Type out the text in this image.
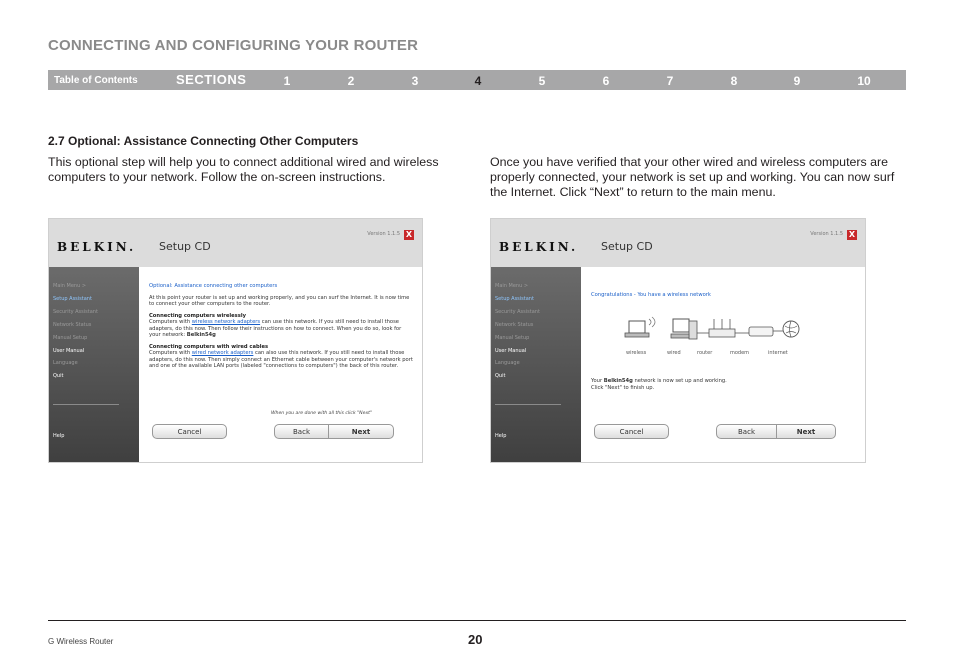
CONNECTING AND CONFIGURING YOUR ROUTER
Table of Contents	SECTIONS	1	2	3	4	5	6	7	8	9	10
2.7 Optional: Assistance Connecting Other Computers
This optional step will help you to connect additional wired and wireless computers to your network. Follow the on-screen instructions.
Once you have verified that your other wired and wireless computers are properly connected, your network is set up and working. You can now surf the Internet. Click “Next” to return to the main menu.
BELKIN. Setup CD
Version 1.1.5 X
Main Menu >
Setup Assistant
Security Assistant
Network Status
Manual Setup
User Manual
Language
Quit
Help
Optional: Assistance connecting other computers
At this point your router is set up and working properly, and you can surf the Internet. It is now time to connect your other computers to the router.
Connecting computers wirelessly
Computers with wireless network adapters can use this network. If you still need to install those adapters, do this now. Then follow their instructions on how to connect. When you do so, look for your network: Belkin54g
Connecting computers with wired cables
Computers with wired network adapters can also use this network. If you still need to install those adapters, do this now. Then simply connect an Ethernet cable between your computer's network port and one of the available LAN ports (labeled "connections to computers") the back of this router.
When you are done with all this click "Next"
Cancel	Back	Next
BELKIN. Setup CD
Version 1.1.5 X
Main Menu >
Setup Assistant
Security Assistant
Network Status
Manual Setup
User Manual
Language
Quit
Help
Congratulations - You have a wireless network
wireless	wired	router	modem	internet
Your Belkin54g network is now set up and working.
Click "Next" to finish up.
Cancel	Back	Next
G Wireless Router	20
